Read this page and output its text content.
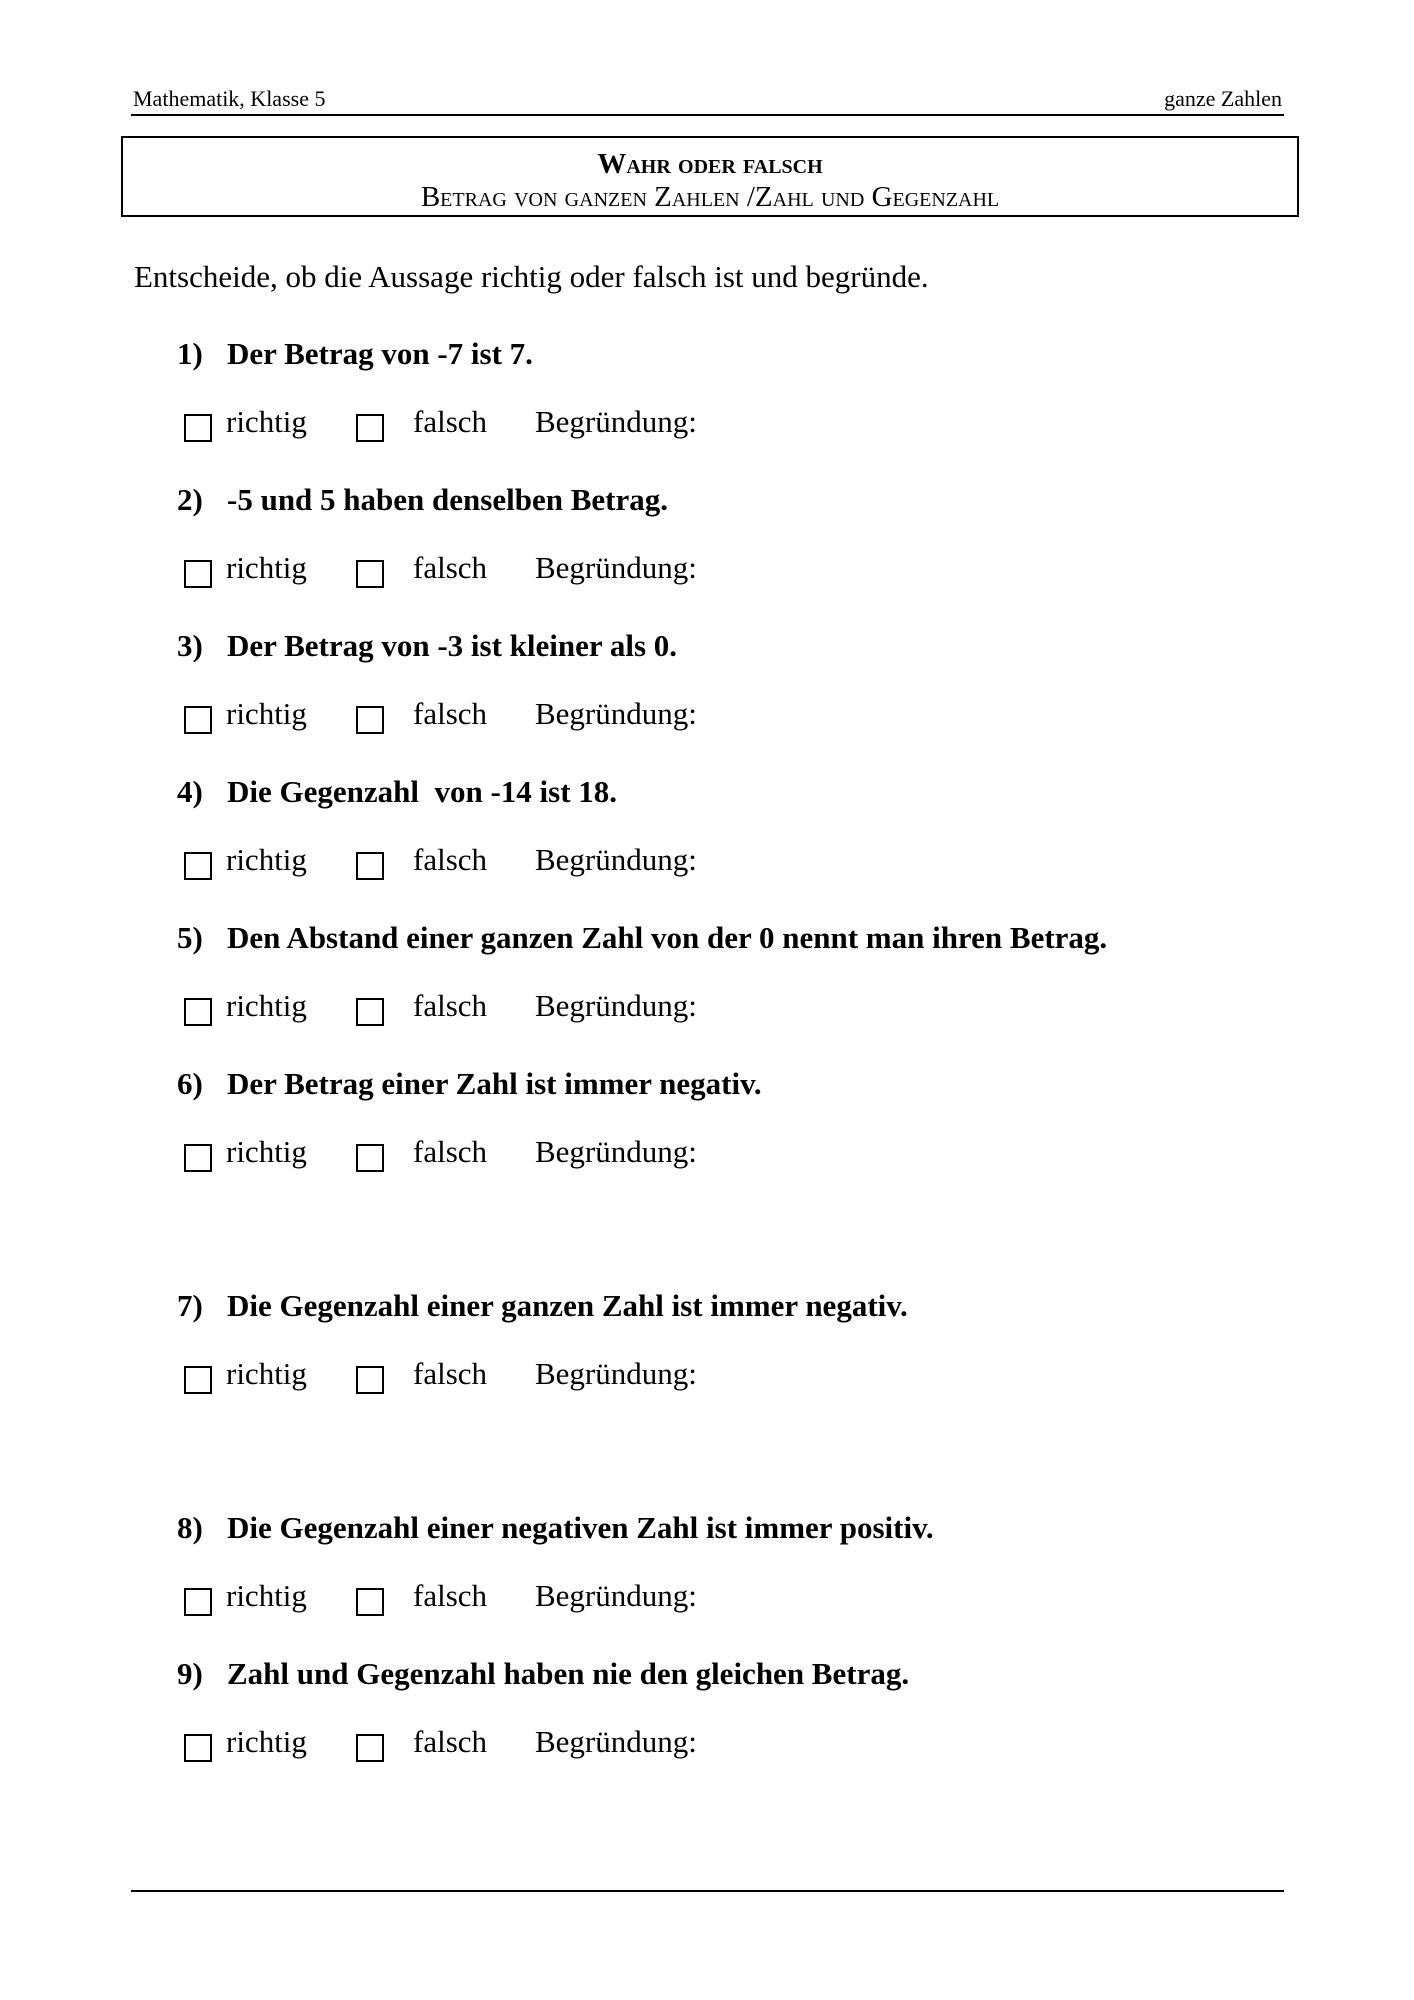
Mathematik, Klasse 5	ganze Zahlen
Wahr oder falsch
Betrag von ganzen Zahlen /Zahl und Gegenzahl
Entscheide, ob die Aussage richtig oder falsch ist und begründe.
1) Der Betrag von -7 ist 7.
richtig	falsch Begründung:
2) -5 und 5 haben denselben Betrag.
richtig	falsch Begründung:
3) Der Betrag von -3 ist kleiner als 0.
richtig	falsch Begründung:
4) Die Gegenzahl  von -14 ist 18.
richtig	falsch Begründung:
5) Den Abstand einer ganzen Zahl von der 0 nennt man ihren Betrag.
richtig	falsch Begründung:
6) Der Betrag einer Zahl ist immer negativ.
richtig	falsch Begründung:
7) Die Gegenzahl einer ganzen Zahl ist immer negativ.
richtig	falsch Begründung:
8) Die Gegenzahl einer negativen Zahl ist immer positiv.
richtig	falsch Begründung:
9) Zahl und Gegenzahl haben nie den gleichen Betrag.
richtig	falsch Begründung:
